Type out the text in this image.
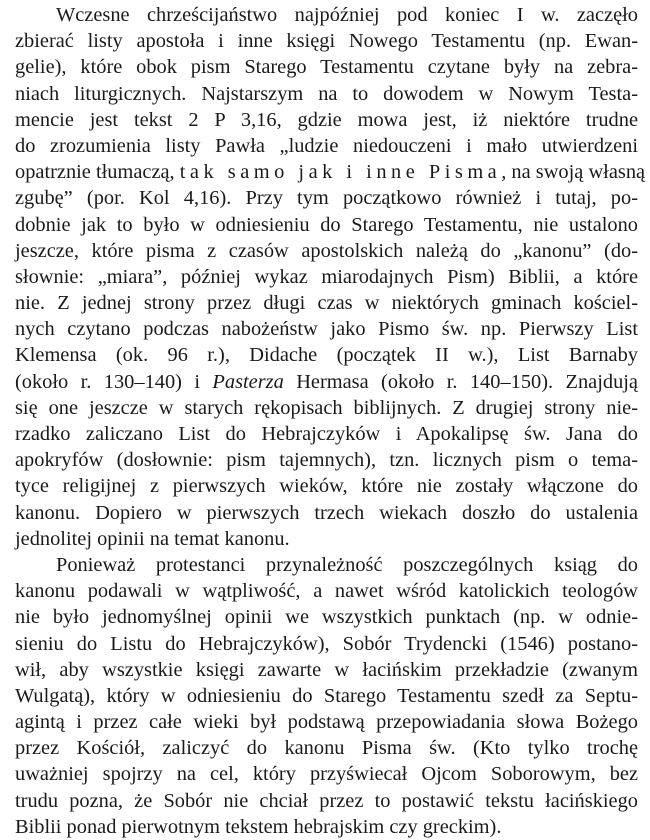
Wczesne chrześcijaństwo najpóźniej pod koniec I w. zaczęło
zbierać listy apostoła i inne księgi Nowego Testamentu (np. Ewan-
gelie), które obok pism Starego Testamentu czytane były na zebra-
niach liturgicznych. Najstarszym na to dowodem w Nowym Testa-
mencie jest tekst 2 P 3,16, gdzie mowa jest, iż niektóre trudne
do zrozumienia listy Pawła „ludzie niedouczeni i mało utwierdzeni
opatrznie tłumaczą, tak samo jak i inne Pisma, na swoją własną
zgubę” (por. Kol 4,16). Przy tym początkowo również i tutaj, po-
dobnie jak to było w odniesieniu do Starego Testamentu, nie ustalono
jeszcze, które pisma z czasów apostolskich należą do „kanonu” (do-
słownie: „miara”, później wykaz miarodajnych Pism) Biblii, a które
nie. Z jednej strony przez długi czas w niektórych gminach kościel-
nych czytano podczas nabożeństw jako Pismo św. np. Pierwszy List
Klemensa (ok. 96 r.), Didache (początek II w.), List Barnaby
(około r. 130–140) i Pasterza Hermasa (około r. 140–150). Znajdują
się one jeszcze w starych rękopisach biblijnych. Z drugiej strony nie-
rzadko zaliczano List do Hebrajczyków i Apokalipsę św. Jana do
apokryfów (dosłownie: pism tajemnych), tzn. licznych pism o tema-
tyce religijnej z pierwszych wieków, które nie zostały włączone do
kanonu. Dopiero w pierwszych trzech wiekach doszło do ustalenia
jednolitej opinii na temat kanonu.
Ponieważ protestanci przynależność poszczególnych ksiąg do
kanonu podawali w wątpliwość, a nawet wśród katolickich teologów
nie było jednomyślnej opinii we wszystkich punktach (np. w odnie-
sieniu do Listu do Hebrajczyków), Sobór Trydencki (1546) postano-
wił, aby wszystkie księgi zawarte w łacińskim przekładzie (zwanym
Wulgatą), który w odniesieniu do Starego Testamentu szedł za Septu-
agintą i przez całe wieki był podstawą przepowiadania słowa Bożego
przez Kościół, zaliczyć do kanonu Pisma św. (Kto tylko trochę
uważniej spojrzy na cel, który przyświecał Ojcom Soborowym, bez
trudu pozna, że Sobór nie chciał przez to postawić tekstu łacińskiego
Biblii ponad pierwotnym tekstem hebrajskim czy greckim).
